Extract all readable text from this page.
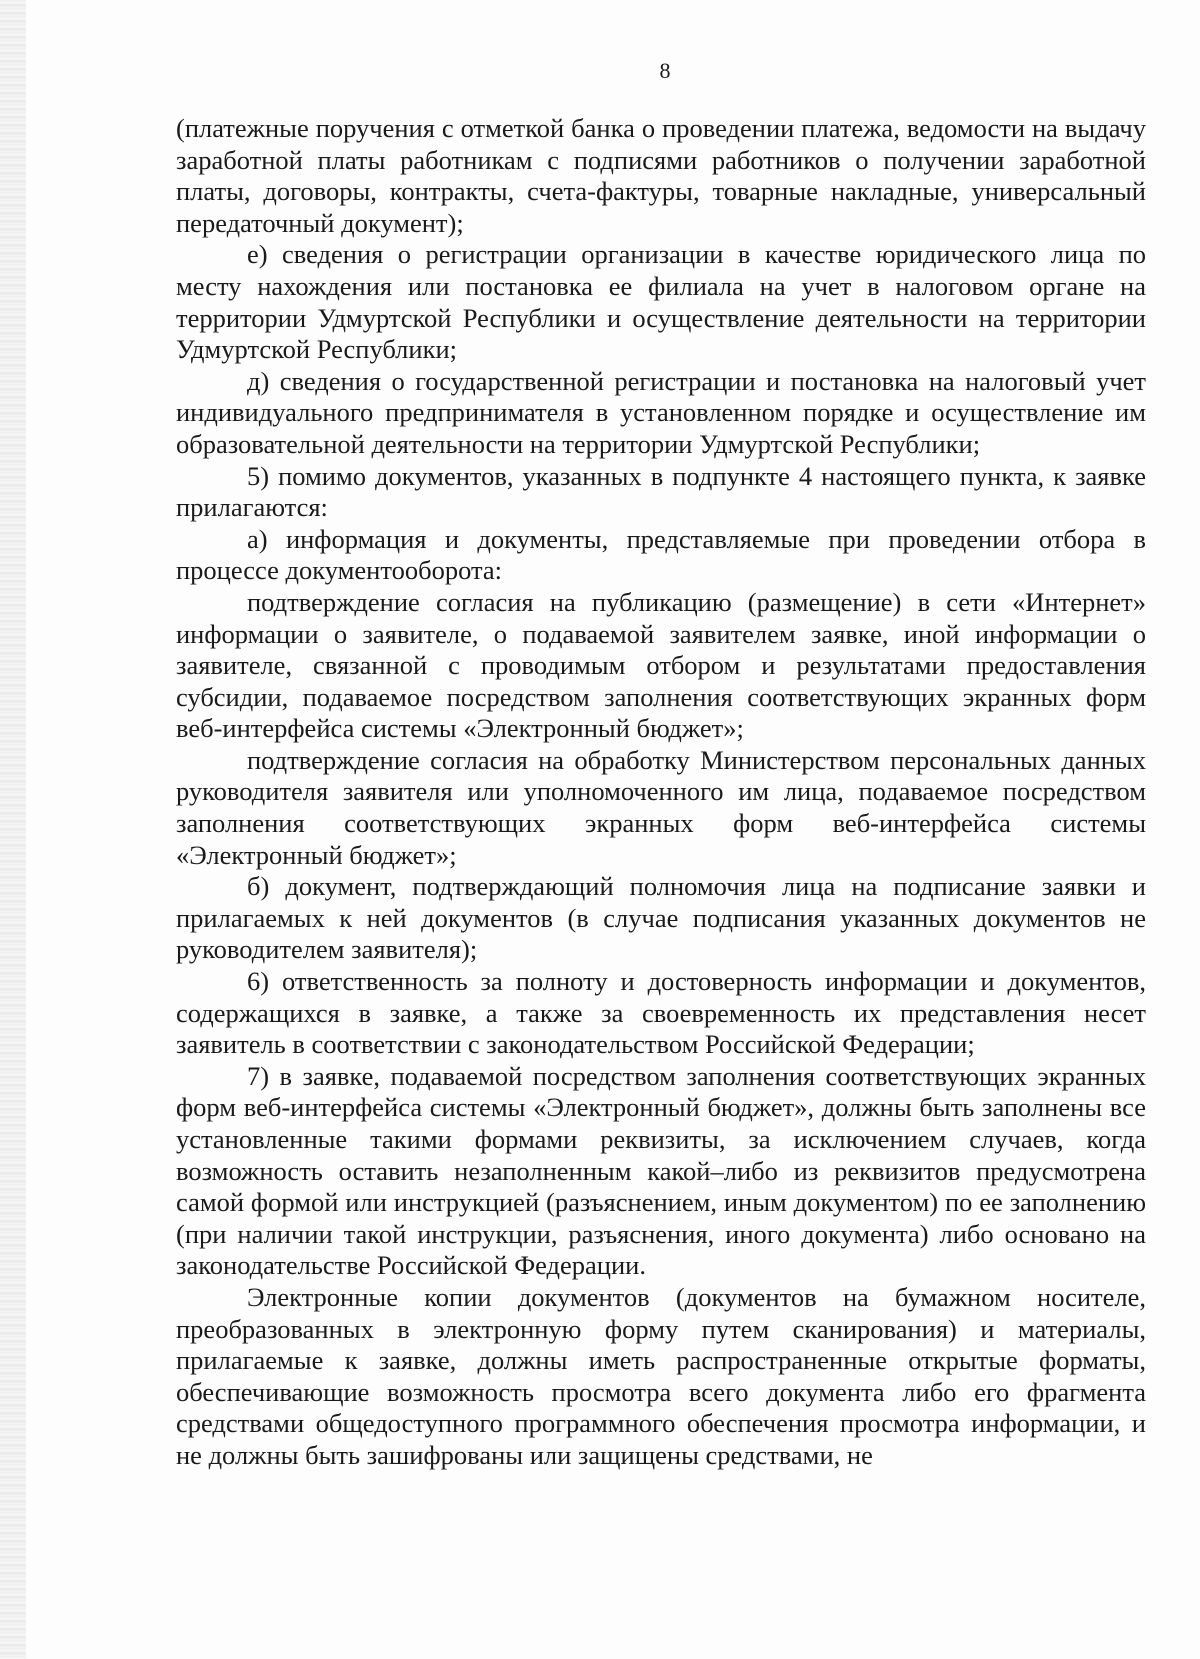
8

(платежные поручения с отметкой банка о проведении платежа, ведомости на выдачу заработной платы работникам с подписями работников о получении заработной платы, договоры, контракты, счета-фактуры, товарные накладные, универсальный передаточный документ);

е) сведения о регистрации организации в качестве юридического лица по месту нахождения или постановка ее филиала на учет в налоговом органе на территории Удмуртской Республики и осуществление деятельности на территории Удмуртской Республики;

д) сведения о государственной регистрации и постановка на налоговый учет индивидуального предпринимателя в установленном порядке и осуществление им образовательной деятельности на территории Удмуртской Республики;

5) помимо документов, указанных в подпункте 4 настоящего пункта, к заявке прилагаются:

а) информация и документы, представляемые при проведении отбора в процессе документооборота:

подтверждение согласия на публикацию (размещение) в сети «Интернет» информации о заявителе, о подаваемой заявителем заявке, иной информации о заявителе, связанной с проводимым отбором и результатами предоставления субсидии, подаваемое посредством заполнения соответствующих экранных форм веб-интерфейса системы «Электронный бюджет»;

подтверждение согласия на обработку Министерством персональных данных руководителя заявителя или уполномоченного им лица, подаваемое посредством заполнения соответствующих экранных форм веб-интерфейса системы «Электронный бюджет»;

б) документ, подтверждающий полномочия лица на подписание заявки и прилагаемых к ней документов (в случае подписания указанных документов не руководителем заявителя);

6) ответственность за полноту и достоверность информации и документов, содержащихся в заявке, а также за своевременность их представления несет заявитель в соответствии с законодательством Российской Федерации;

7) в заявке, подаваемой посредством заполнения соответствующих экранных форм веб-интерфейса системы «Электронный бюджет», должны быть заполнены все установленные такими формами реквизиты, за исключением случаев, когда возможность оставить незаполненным какой–либо из реквизитов предусмотрена самой формой или инструкцией (разъяснением, иным документом) по ее заполнению (при наличии такой инструкции, разъяснения, иного документа) либо основано на законодательстве Российской Федерации.

Электронные копии документов (документов на бумажном носителе, преобразованных в электронную форму путем сканирования) и материалы, прилагаемые к заявке, должны иметь распространенные открытые форматы, обеспечивающие возможность просмотра всего документа либо его фрагмента средствами общедоступного программного обеспечения просмотра информации, и не должны быть зашифрованы или защищены средствами, не
